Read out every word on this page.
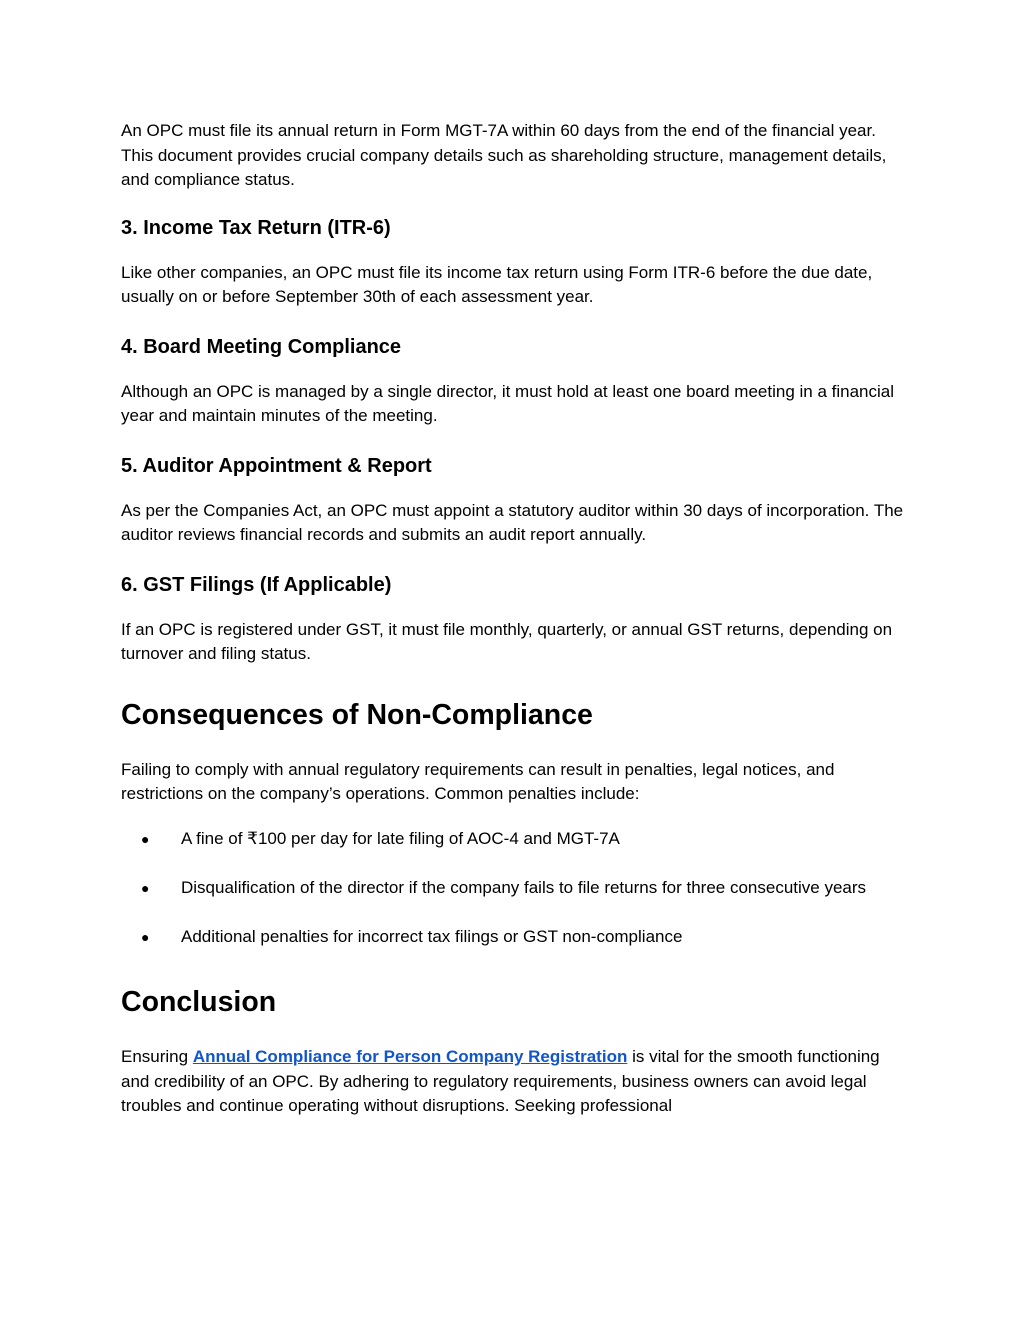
An OPC must file its annual return in Form MGT-7A within 60 days from the end of the financial year. This document provides crucial company details such as shareholding structure, management details, and compliance status.

3. Income Tax Return (ITR-6)

Like other companies, an OPC must file its income tax return using Form ITR-6 before the due date, usually on or before September 30th of each assessment year.

4. Board Meeting Compliance

Although an OPC is managed by a single director, it must hold at least one board meeting in a financial year and maintain minutes of the meeting.

5. Auditor Appointment & Report

As per the Companies Act, an OPC must appoint a statutory auditor within 30 days of incorporation. The auditor reviews financial records and submits an audit report annually.

6. GST Filings (If Applicable)

If an OPC is registered under GST, it must file monthly, quarterly, or annual GST returns, depending on turnover and filing status.

Consequences of Non-Compliance

Failing to comply with annual regulatory requirements can result in penalties, legal notices, and restrictions on the company’s operations. Common penalties include:

● A fine of ₹100 per day for late filing of AOC-4 and MGT-7A
● Disqualification of the director if the company fails to file returns for three consecutive years
● Additional penalties for incorrect tax filings or GST non-compliance
Conclusion

Ensuring Annual Compliance for Person Company Registration is vital for the smooth functioning and credibility of an OPC. By adhering to regulatory requirements, business owners can avoid legal troubles and continue operating without disruptions. Seeking professional
